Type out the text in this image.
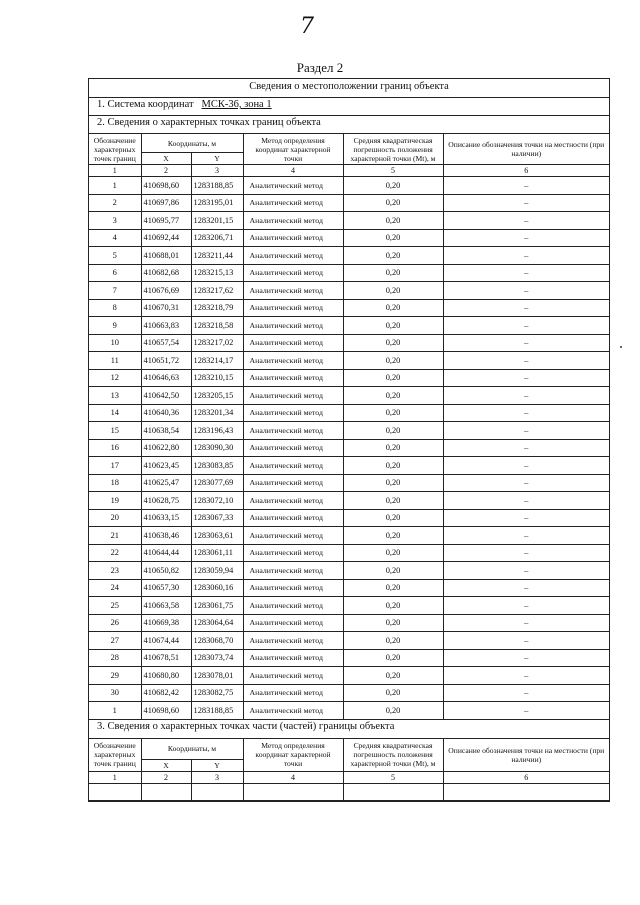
7
Раздел 2
Сведения о местоположении границ объекта
1. Система координат МСК-36, зона 1
2. Сведения о характерных точках границ объекта
Обозначение характерных точек границ	Координаты, м		Метод определения координат характерной точки	Средняя квадратическая погрешность положения характерной точки (Mt), м	Описание обозначения точки на местности (при наличии)
	X	Y			
1	2	3	4	5	6
1	410698,60	1283188,85	Аналитический метод	0,20	–
2	410697,86	1283195,01	Аналитический метод	0,20	–
3	410695,77	1283201,15	Аналитический метод	0,20	–
4	410692,44	1283206,71	Аналитический метод	0,20	–
5	410688,01	1283211,44	Аналитический метод	0,20	–
6	410682,68	1283215,13	Аналитический метод	0,20	–
7	410676,69	1283217,62	Аналитический метод	0,20	–
8	410670,31	1283218,79	Аналитический метод	0,20	–
9	410663,83	1283218,58	Аналитический метод	0,20	–
10	410657,54	1283217,02	Аналитический метод	0,20	–
11	410651,72	1283214,17	Аналитический метод	0,20	–
12	410646,63	1283210,15	Аналитический метод	0,20	–
13	410642,50	1283205,15	Аналитический метод	0,20	–
14	410640,36	1283201,34	Аналитический метод	0,20	–
15	410638,54	1283196,43	Аналитический метод	0,20	–
16	410622,80	1283090,30	Аналитический метод	0,20	–
17	410623,45	1283083,85	Аналитический метод	0,20	–
18	410625,47	1283077,69	Аналитический метод	0,20	–
19	410628,75	1283072,10	Аналитический метод	0,20	–
20	410633,15	1283067,33	Аналитический метод	0,20	–
21	410638,46	1283063,61	Аналитический метод	0,20	–
22	410644,44	1283061,11	Аналитический метод	0,20	–
23	410650,82	1283059,94	Аналитический метод	0,20	–
24	410657,30	1283060,16	Аналитический метод	0,20	–
25	410663,58	1283061,75	Аналитический метод	0,20	–
26	410669,38	1283064,64	Аналитический метод	0,20	–
27	410674,44	1283068,70	Аналитический метод	0,20	–
28	410678,51	1283073,74	Аналитический метод	0,20	–
29	410680,80	1283078,01	Аналитический метод	0,20	–
30	410682,42	1283082,75	Аналитический метод	0,20	–
1	410698,60	1283188,85	Аналитический метод	0,20	–
3. Сведения о характерных точках части (частей) границы объекта
Обозначение характерных точек границ	Координаты, м		Метод определения координат характерной точки	Средняя квадратическая погрешность положения характерной точки (Mt), м	Описание обозначения точки на местности (при наличии)
	X	Y			
1	2	3	4	5	6
